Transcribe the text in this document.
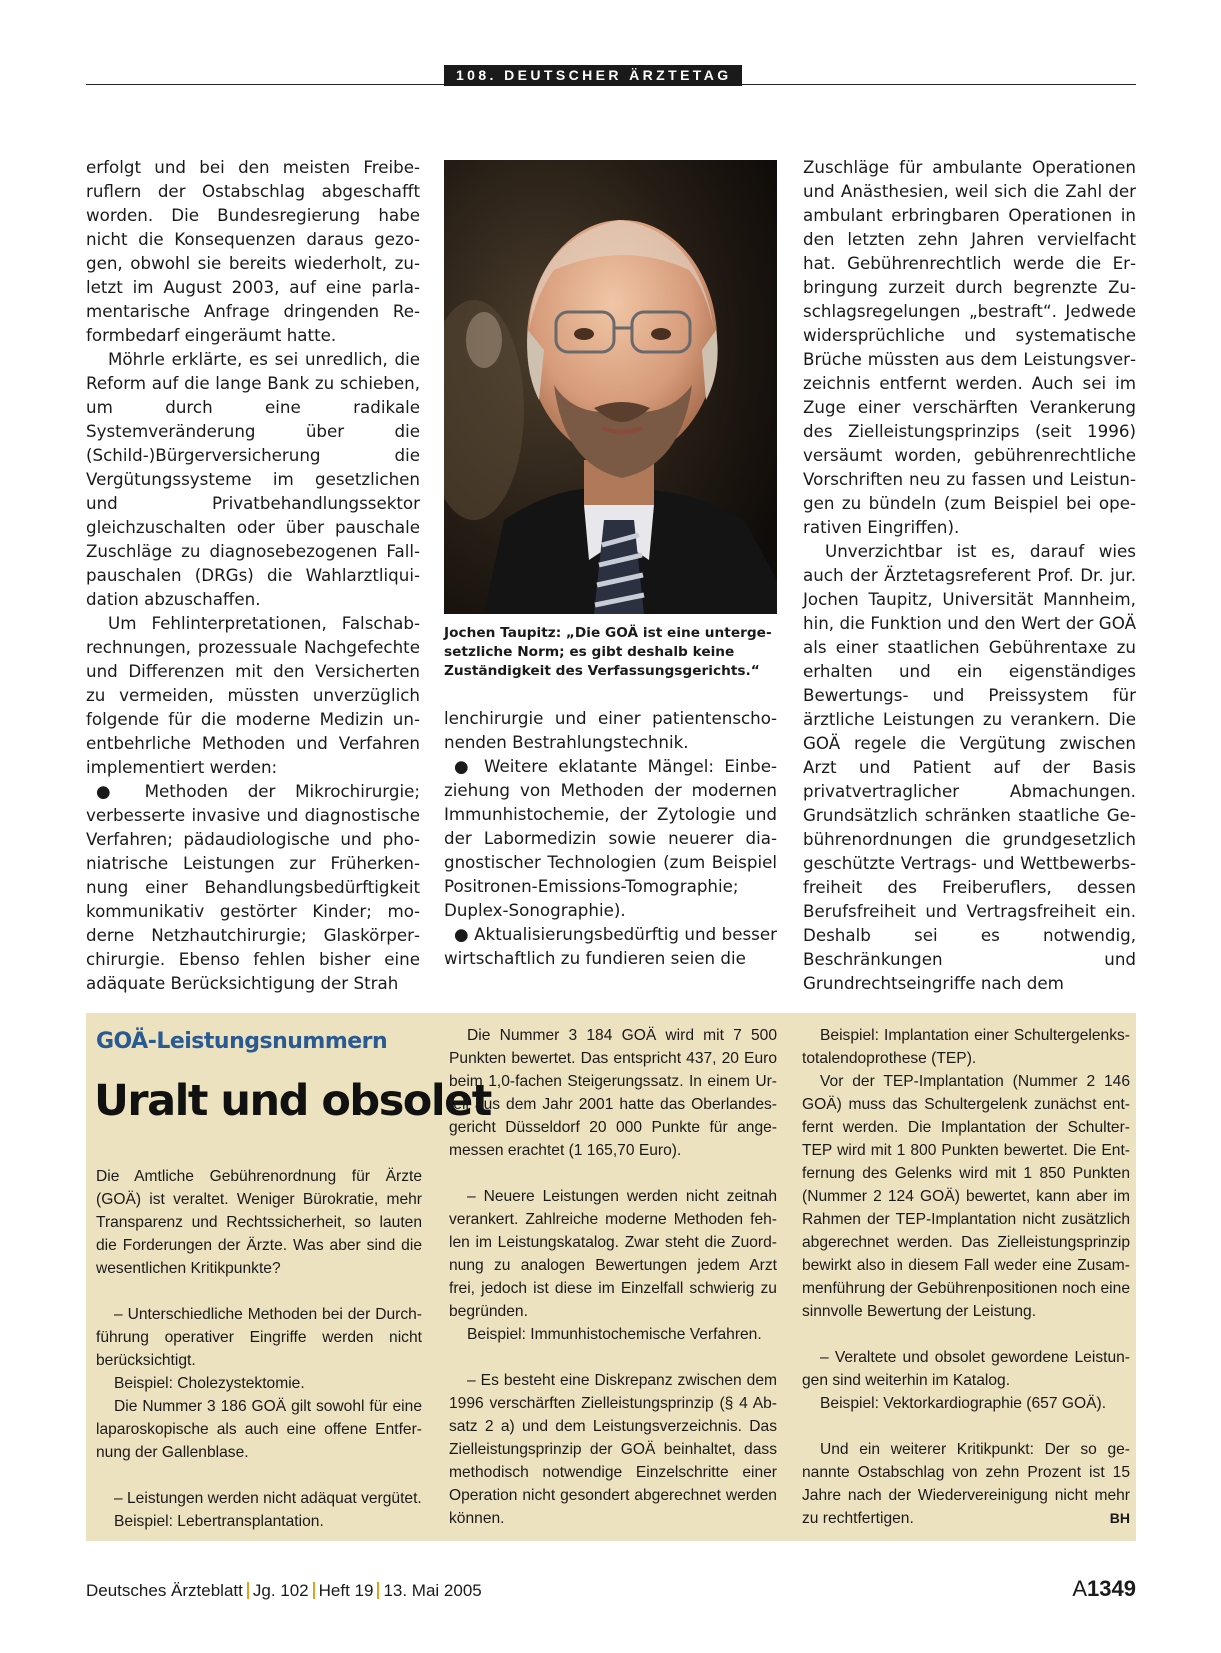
108. DEUTSCHER ÄRZTETAG

erfolgt und bei den meisten Freiberuflern der Ostabschlag abgeschafft worden. Die Bundesregierung habe nicht die Konsequenzen daraus gezogen, obwohl sie bereits wiederholt, zuletzt im August 2003, auf eine parlamentarische Anfrage dringenden Reformbedarf eingeräumt hatte.

Möhrle erklärte, es sei unredlich, die Reform auf die lange Bank zu schieben, um durch eine radikale Systemveränderung über die (Schild-)Bürgerversicherung die Vergütungssysteme im gesetzlichen und Privatbehandlungssektor gleichzuschalten oder über pauschale Zuschläge zu diagnosebezogenen Fallpauschalen (DRGs) die Wahlarztliquidation abzuschaffen.

Um Fehlinterpretationen, Falschabrechnungen, prozessuale Nachgefechte und Differenzen mit den Versicherten zu vermeiden, müssten unverzüglich folgende für die moderne Medizin unentbehrliche Methoden und Verfahren implementiert werden:

● Methoden der Mikrochirurgie; verbesserte invasive und diagnostische Verfahren; pädaudiologische und phoniatrische Leistungen zur Früherkennung einer Behandlungsbedürftigkeit kommunikativ gestörter Kinder; moderne Netzhautchirurgie; Glaskörperchirurgie. Ebenso fehlen bisher eine adäquate Berücksichtigung der Strah

Jochen Taupitz: „Die GOÄ ist eine untergesetzliche Norm; es gibt deshalb keine Zuständigkeit des Verfassungsgerichts.“

lenchirurgie und einer patientenschonenden Bestrahlungstechnik.

● Weitere eklatante Mängel: Einbeziehung von Methoden der modernen Immunhistochemie, der Zytologie und der Labormedizin sowie neuerer diagnostischer Technologien (zum Beispiel Positronen-Emissions-Tomographie; Duplex-Sonographie).

● Aktualisierungsbedürftig und besser wirtschaftlich zu fundieren seien die

Zuschläge für ambulante Operationen und Anästhesien, weil sich die Zahl der ambulant erbringbaren Operationen in den letzten zehn Jahren vervielfacht hat. Gebührenrechtlich werde die Erbringung zurzeit durch begrenzte Zuschlagsregelungen „bestraft“. Jedwede widersprüchliche und systematische Brüche müssten aus dem Leistungsverzeichnis entfernt werden. Auch sei im Zuge einer verschärften Verankerung des Zielleistungsprinzips (seit 1996) versäumt worden, gebührenrechtliche Vorschriften neu zu fassen und Leistungen zu bündeln (zum Beispiel bei operativen Eingriffen).

Unverzichtbar ist es, darauf wies auch der Ärztetagsreferent Prof. Dr. jur. Jochen Taupitz, Universität Mannheim, hin, die Funktion und den Wert der GOÄ als einer staatlichen Gebührentaxe zu erhalten und ein eigenständiges Bewertungs- und Preissystem für ärztliche Leistungen zu verankern. Die GOÄ regele die Vergütung zwischen Arzt und Patient auf der Basis privatvertraglicher Abmachungen. Grundsätzlich schränken staatliche Gebührenordnungen die grundgesetzlich geschützte Vertrags- und Wettbewerbsfreiheit des Freiberuflers, dessen Berufsfreiheit und Vertragsfreiheit ein. Deshalb sei es notwendig, Beschränkungen und Grundrechtseingriffe nach dem

GOÄ-Leistungsnummern
Uralt und obsolet

Die Amtliche Gebührenordnung für Ärzte (GOÄ) ist veraltet. Weniger Bürokratie, mehr Transparenz und Rechtssicherheit, so lauten die Forderungen der Ärzte. Was aber sind die wesentlichen Kritikpunkte?

– Unterschiedliche Methoden bei der Durchführung operativer Eingriffe werden nicht berücksichtigt.

Beispiel: Cholezystektomie.

Die Nummer 3 186 GOÄ gilt sowohl für eine laparoskopische als auch eine offene Entfernung der Gallenblase.

– Leistungen werden nicht adäquat vergütet.

Beispiel: Lebertransplantation.

Die Nummer 3 184 GOÄ wird mit 7 500 Punkten bewertet. Das entspricht 437, 20 Euro beim 1,0-fachen Steigerungssatz. In einem Urteil aus dem Jahr 2001 hatte das Oberlandesgericht Düsseldorf 20 000 Punkte für angemessen erachtet (1 165,70 Euro).

– Neuere Leistungen werden nicht zeitnah verankert. Zahlreiche moderne Methoden fehlen im Leistungskatalog. Zwar steht die Zuordnung zu analogen Bewertungen jedem Arzt frei, jedoch ist diese im Einzelfall schwierig zu begründen.

Beispiel: Immunhistochemische Verfahren.

– Es besteht eine Diskrepanz zwischen dem 1996 verschärften Zielleistungsprinzip (§ 4 Absatz 2 a) und dem Leistungsverzeichnis. Das Zielleistungsprinzip der GOÄ beinhaltet, dass methodisch notwendige Einzelschritte einer Operation nicht gesondert abgerechnet werden können.

Beispiel: Implantation einer Schultergelenkstotalendoprothese (TEP).

Vor der TEP-Implantation (Nummer 2 146 GOÄ) muss das Schultergelenk zunächst entfernt werden. Die Implantation der Schulter-TEP wird mit 1 800 Punkten bewertet. Die Entfernung des Gelenks wird mit 1 850 Punkten (Nummer 2 124 GOÄ) bewertet, kann aber im Rahmen der TEP-Implantation nicht zusätzlich abgerechnet werden. Das Zielleistungsprinzip bewirkt also in diesem Fall weder eine Zusammenführung der Gebührenpositionen noch eine sinnvolle Bewertung der Leistung.

– Veraltete und obsolet gewordene Leistungen sind weiterhin im Katalog.

Beispiel: Vektorkardiographie (657 GOÄ).

Und ein weiterer Kritikpunkt: Der so genannte Ostabschlag von zehn Prozent ist 15 Jahre nach der Wiedervereinigung nicht mehr zu rechtfertigen.	BH

Deutsches Ärzteblatt Jg. 102 Heft 19 13. Mai 2005	A1349
